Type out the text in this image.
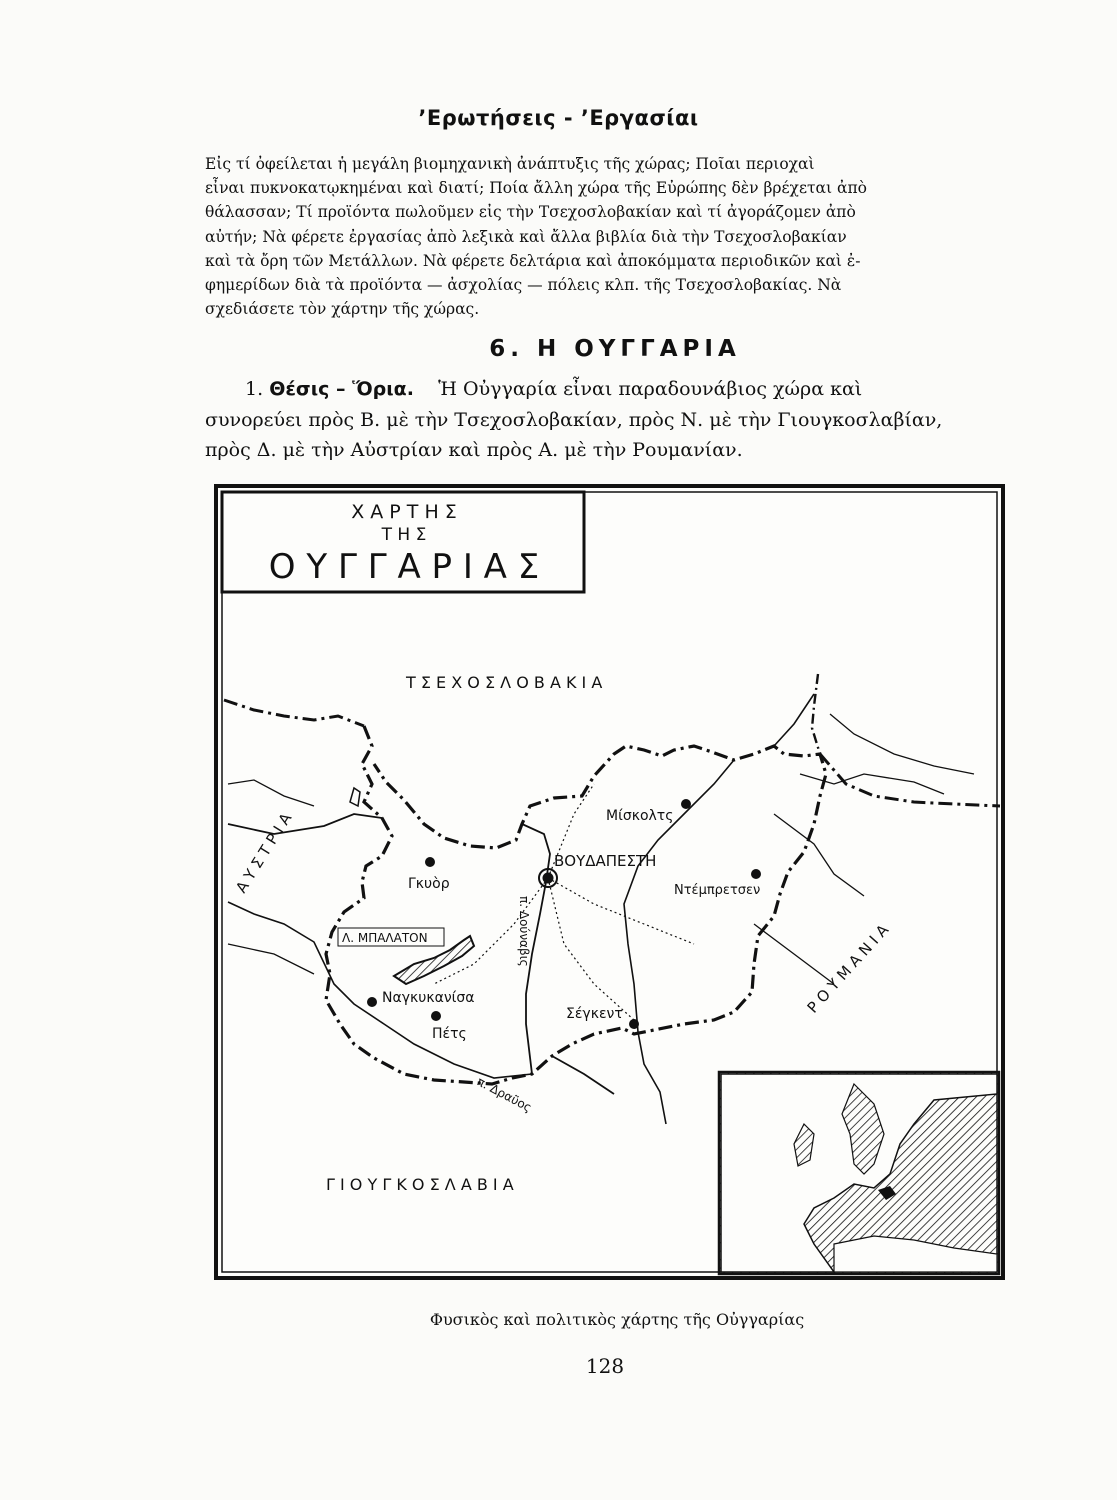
’Ερωτήσεις - ’Εργασίαι
Εἰς τί ὀφείλεται ἡ μεγάλη βιομηχανικὴ ἀνάπτυξις τῆς χώρας; Ποῖαι περιοχαὶ
εἶναι πυκνοκατῳκημέναι καὶ διατί; Ποία ἄλλη χώρα τῆς Εὐρώπης δὲν βρέχεται ἀπὸ
θάλασσαν; Τί προϊόντα πωλοῦμεν εἰς τὴν Τσεχοσλοβακίαν καὶ τί ἀγοράζομεν ἀπὸ
αὐτήν; Νὰ φέρετε ἐργασίας ἀπὸ λεξικὰ καὶ ἄλλα βιβλία διὰ τὴν Τσεχοσλοβακίαν
καὶ τὰ ὄρη τῶν Μετάλλων. Νὰ φέρετε δελτάρια καὶ ἀποκόμματα περιοδικῶν καὶ ἐ-
φημερίδων διὰ τὰ προϊόντα — ἀσχολίας — πόλεις κλπ. τῆς Τσεχοσλοβακίας. Νὰ
σχεδιάσετε τὸν χάρτην τῆς χώρας.
6. Η ΟΥΓΓΑΡΙΑ
1. Θέσις – Ὅρια. Ἡ Οὐγγαρία εἶναι παραδουνάβιος χώρα καὶ
συνορεύει πρὸς Β. μὲ τὴν Τσεχοσλοβακίαν, πρὸς Ν. μὲ τὴν Γιουγκοσλαβίαν,
πρὸς Δ. μὲ τὴν Αὐστρίαν καὶ πρὸς Α. μὲ τὴν Ρουμανίαν.
Χ Α Ρ Τ Η Σ
Τ Η Σ
Ο Υ Γ Γ Α Ρ Ι Α Σ
Τ Σ Ε Χ Ο Σ Λ Ο Β Α Κ Ι Α
Α Υ Σ Τ Ρ Ι Α
Ρ Ο Υ Μ Α Ν Ι Α
Γ Ι Ο Υ Γ Κ Ο Σ Λ Α Β Ι Α
Λ. ΜΠΑΛΑΤΟΝ
ΒΟΥΔΑΠΕΣΤΗ
Μίσκολτς
Γκυὸρ	Ντέμπρετσεν
Ναγκυκανίσα
Πέτς
Σέγκεντ
π. Δούναβις
π. Δραῦος
Φυσικὸς καὶ πολιτικὸς χάρτης τῆς Οὐγγαρίας
128
